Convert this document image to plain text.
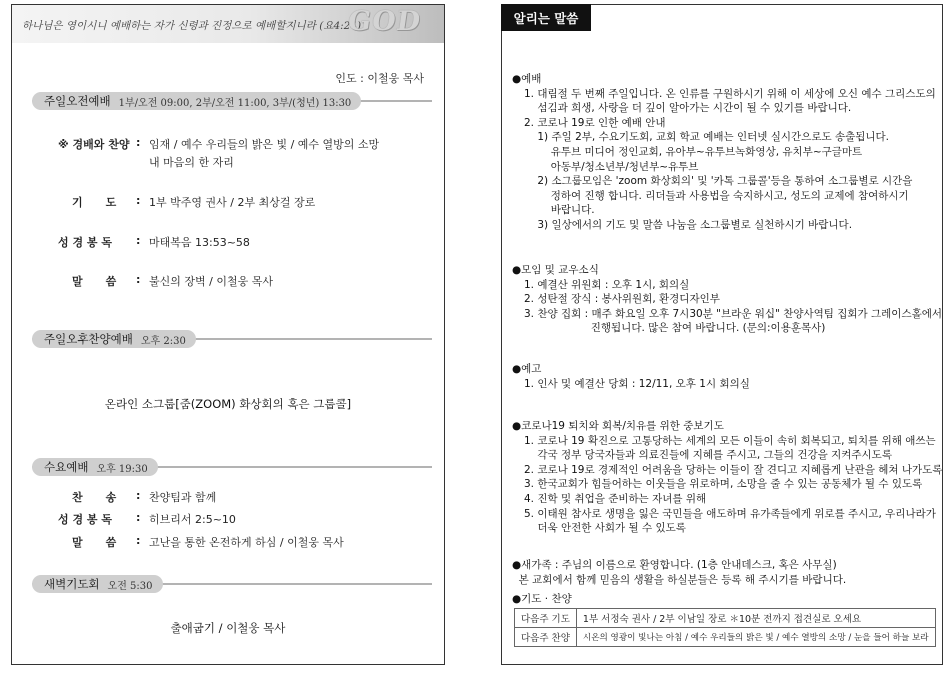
하나님은 영이시니 예배하는 자가 신령과 진정으로 예배할지니라 (요4:24)
GOD
인도 : 이철웅 목사
주일오전예배 1부/오전 09:00, 2부/오전 11:00, 3부/(청년) 13:30
※ 경배와 찬양 : 임재 / 예수 우리들의 밝은 빛 / 예수 열방의 소망
내 마음의 한 자리
기      도 : 1부 박주영 권사 / 2부 최상걸 장로
성 경 봉 독 : 마태복음 13:53~58
말      씀 : 불신의 장벽 / 이철웅 목사
주일오후찬양예배 오후 2:30
온라인 소그룹[줌(ZOOM) 화상회의 혹은 그룹콜]
수요예배 오후 19:30
찬      송 : 찬양팀과 함께
성 경 봉 독 : 히브리서 2:5~10
말      씀 : 고난을 통한 온전하게 하심 / 이철웅 목사
새벽기도회 오전 5:30
출애굽기 / 이철웅 목사
알리는 말씀
●예배
1. 대림절 두 번째 주일입니다. 온 인류를 구원하시기 위해 이 세상에 오신 예수 그리스도의
섬김과 희생, 사랑을 더 깊이 알아가는 시간이 될 수 있기를 바랍니다.
2. 코로나 19로 인한 예배 안내
1) 주일 2부, 수요기도회, 교회 학교 예배는 인터넷 실시간으로도 송출됩니다.
유투브 미디어 정인교회, 유아부~유투브녹화영상, 유치부~구글마트
아동부/청소년부/청년부~유투브
2) 소그룹모임은 'zoom 화상회의' 및 '카톡 그룹콜'등을 통하여 소그룹별로 시간을
정하여 진행 합니다. 리더들과 사용법을 숙지하시고, 성도의 교제에 참여하시기
바랍니다.
3) 일상에서의 기도 및 말씀 나눔을 소그룹별로 실천하시기 바랍니다.
●모임 및 교우소식
1. 예결산 위원회 : 오후 1시, 회의실
2. 성탄절 장식 : 봉사위원회, 환경디자인부
3. 찬양 집회 : 매주 화요일 오후 7시30분 "브라운 워십" 찬양사역팀 집회가 그레이스홀에서
진행됩니다. 많은 참여 바랍니다. (문의:이용훈목사)
●예고
1. 인사 및 예결산 당회 : 12/11, 오후 1시 회의실
●코로나19 퇴치와 회복/치유를 위한 중보기도
1. 코로나 19 확진으로 고통당하는 세계의 모든 이들이 속히 회복되고, 퇴치를 위해 애쓰는
각국 정부 당국자들과 의료진들에 지혜를 주시고, 그들의 건강을 지켜주시도록
2. 코로나 19로 경제적인 어려움을 당하는 이들이 잘 견디고 지혜롭게 난관을 헤쳐 나가도록
3. 한국교회가 힘들어하는 이웃들을 위로하며, 소망을 줄 수 있는 공동체가 될 수 있도록
4. 진학 및 취업을 준비하는 자녀를 위해
5. 이태원 참사로 생명을 잃은 국민들을 애도하며 유가족들에게 위로를 주시고, 우리나라가
더욱 안전한 사회가 될 수 있도록
●새가족 : 주님의 이름으로 환영합니다. (1층 안내데스크, 혹은 사무실)
본 교회에서 함께 믿음의 생활을 하실분들은 등록 해 주시기를 바랍니다.
●기도 · 찬양
다음주 기도	1부 서정숙 권사 / 2부 이남일 장로 ＊10분 전까지 접견실로 오세요
다음주 찬양	시온의 영광이 빛나는 아침 / 예수 우리들의 밝은 빛 / 예수 열방의 소망 / 눈을 들어 하늘 보라
